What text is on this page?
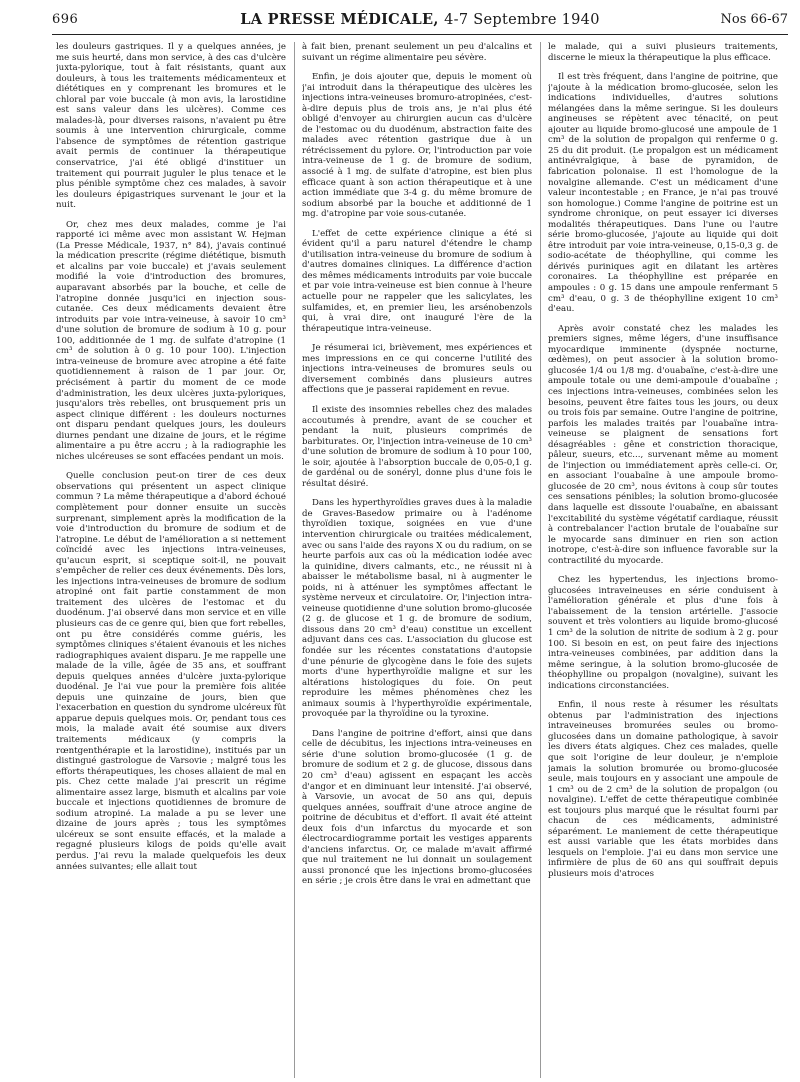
696	LA PRESSE MÉDICALE, 4-7 Septembre 1940	Nos 66-67

les douleurs gastriques. Il y a quelques années, je me suis heurté, dans mon service, à des cas d'ulcère juxta-pylorique, tout à fait résistants, quant aux douleurs, à tous les traitements médicamenteux et diététiques en y comprenant les bromures et le chloral par voie buccale (à mon avis, la larostidine est sans valeur dans les ulcères). Comme ces malades-là, pour diverses raisons, n'avaient pu être soumis à une intervention chirurgicale, comme l'absence de symptômes de rétention gastrique avait permis de continuer la thérapeutique conservatrice, j'ai été obligé d'instituer un traitement qui pourrait juguler le plus tenace et le plus pénible symptôme chez ces malades, à savoir les douleurs épigastriques survenant le jour et la nuit.

Or, chez mes deux malades, comme je l'ai rapporté ici même avec mon assistant W. Hejman (La Presse Médicale, 1937, n° 84), j'avais continué la médication prescrite (régime diététique, bismuth et alcalins par voie buccale) et j'avais seulement modifié la voie d'introduction des bromures, auparavant absorbés par la bouche, et celle de l'atropine donnée jusqu'ici en injection sous-cutanée. Ces deux médicaments devaient être introduits par voie intra-veineuse, à savoir 10 cm³ d'une solution de bromure de sodium à 10 g. pour 100, additionnée de 1 mg. de sulfate d'atropine (1 cm³ de solution à 0 g. 10 pour 100). L'injection intra-veineuse de bromure avec atropine a été faite quotidiennement à raison de 1 par jour. Or, précisément à partir du moment de ce mode d'administration, les deux ulcères juxta-pyloriques, jusqu'alors très rebelles, ont brusquement pris un aspect clinique différent : les douleurs nocturnes ont disparu pendant quelques jours, les douleurs diurnes pendant une dizaine de jours, et le régime alimentaire a pu être accru ; à la radiographie les niches ulcéreuses se sont effacées pendant un mois.

Quelle conclusion peut-on tirer de ces deux observations qui présentent un aspect clinique commun ? La même thérapeutique a d'abord échoué complètement pour donner ensuite un succès surprenant, simplement après la modification de la voie d'introduction du bromure de sodium et de l'atropine. Le début de l'amélioration a si nettement coïncidé avec les injections intra-veineuses, qu'aucun esprit, si sceptique soit-il, ne pouvait s'empêcher de relier ces deux événements. Dès lors, les injections intra-veineuses de bromure de sodium atropiné ont fait partie constamment de mon traitement des ulcères de l'estomac et du duodénum. J'ai observé dans mon service et en ville plusieurs cas de ce genre qui, bien que fort rebelles, ont pu être considérés comme guéris, les symptômes cliniques s'étaient évanouis et les niches radiographiques avaient disparu. Je me rappelle une malade de la ville, âgée de 35 ans, et souffrant depuis quelques années d'ulcère juxta-pylorique duodénal. Je l'ai vue pour la première fois alitée depuis une quinzaine de jours, bien que l'exacerbation en question du syndrome ulcéreux fût apparue depuis quelques mois. Or, pendant tous ces mois, la malade avait été soumise aux divers traitements médicaux (y compris la rœntgenthérapie et la larostidine), institués par un distingué gastrologue de Varsovie ; malgré tous les efforts thérapeutiques, les choses allaient de mal en pis. Chez cette malade j'ai prescrit un régime alimentaire assez large, bismuth et alcalins par voie buccale et injections quotidiennes de bromure de sodium atropiné. La malade a pu se lever une dizaine de jours après ; tous les symptômes ulcéreux se sont ensuite effacés, et la malade a regagné plusieurs kilogs de poids qu'elle avait perdus. J'ai revu la malade quelquefois les deux années suivantes; elle allait tout

à fait bien, prenant seulement un peu d'alcalins et suivant un régime alimentaire peu sévère.

Enfin, je dois ajouter que, depuis le moment où j'ai introduit dans la thérapeutique des ulcères les injections intra-veineuses bromuro-atropinées, c'est-à-dire depuis plus de trois ans, je n'ai plus été obligé d'envoyer au chirurgien aucun cas d'ulcère de l'estomac ou du duodénum, abstraction faite des malades avec rétention gastrique due à un rétrécissement du pylore. Or, l'introduction par voie intra-veineuse de 1 g. de bromure de sodium, associé à 1 mg. de sulfate d'atropine, est bien plus efficace quant à son action thérapeutique et à une action immédiate que 3-4 g. du même bromure de sodium absorbé par la bouche et additionné de 1 mg. d'atropine par voie sous-cutanée.

L'effet de cette expérience clinique a été si évident qu'il a paru naturel d'étendre le champ d'utilisation intra-veineuse du bromure de sodium à d'autres domaines cliniques. La différence d'action des mêmes médicaments introduits par voie buccale et par voie intra-veineuse est bien connue à l'heure actuelle pour ne rappeler que les salicylates, les sulfamides, et, en premier lieu, les arsénobenzols qui, à vrai dire, ont inauguré l'ère de la thérapeutique intra-veineuse.

Je résumerai ici, brièvement, mes expériences et mes impressions en ce qui concerne l'utilité des injections intra-veineuses de bromures seuls ou diversement combinés dans plusieurs autres affections que je passerai rapidement en revue.

Il existe des insomnies rebelles chez des malades accoutumés à prendre, avant de se coucher et pendant la nuit, plusieurs comprimés de barbiturates. Or, l'injection intra-veineuse de 10 cm³ d'une solution de bromure de sodium à 10 pour 100, le soir, ajoutée à l'absorption buccale de 0,05-0,1 g. de gardénal ou de sonéryl, donne plus d'une fois le résultat désiré.

Dans les hyperthyroïdies graves dues à la maladie de Graves-Basedow primaire ou à l'adénome thyroïdien toxique, soignées en vue d'une intervention chirurgicale ou traitées médicalement, avec ou sans l'aide des rayons X ou du radium, on se heurte parfois aux cas où la médication iodée avec la quinidine, divers calmants, etc., ne réussit ni à abaisser le métabolisme basal, ni à augmenter le poids, ni à atténuer les symptômes affectant le système nerveux et circulatoire. Or, l'injection intra-veineuse quotidienne d'une solution bromo-glucosée (2 g. de glucose et 1 g. de bromure de sodium, dissous dans 20 cm³ d'eau) constitue un excellent adjuvant dans ces cas. L'association du glucose est fondée sur les récentes constatations d'autopsie d'une pénurie de glycogène dans le foie des sujets morts d'une hyperthyroïdie maligne et sur les altérations histologiques du foie. On peut reproduire les mêmes phénomènes chez les animaux soumis à l'hyperthyroïdie expérimentale, provoquée par la thyroïdine ou la tyroxine.

Dans l'angine de poitrine d'effort, ainsi que dans celle de décubitus, les injections intra-veineuses en série d'une solution bromo-glucosée (1 g. de bromure de sodium et 2 g. de glucose, dissous dans 20 cm³ d'eau) agissent en espaçant les accès d'angor et en diminuant leur intensité. J'ai observé, à Varsovie, un avocat de 50 ans qui, depuis quelques années, souffrait d'une atroce angine de poitrine de décubitus et d'effort. Il avait été atteint deux fois d'un infarctus du myocarde et son électrocardiogramme portait les vestiges apparents d'anciens infarctus. Or, ce malade m'avait affirmé que nul traitement ne lui donnait un soulagement aussi prononcé que les injections bromo-glucosées en série ; je crois être dans le vrai en admettant que

le malade, qui a suivi plusieurs traitements, discerne le mieux la thérapeutique la plus efficace.

Il est très fréquent, dans l'angine de poitrine, que j'ajoute à la médication bromo-glucosée, selon les indications individuelles, d'autres solutions mélangées dans la même seringue. Si les douleurs angineuses se répètent avec ténacité, on peut ajouter au liquide bromo-glucosé une ampoule de 1 cm³ de la solution de propalgon qui renferme 0 g. 25 du dit produit. (Le propalgon est un médicament antinévralgique, à base de pyramidon, de fabrication polonaise. Il est l'homologue de la novalgine allemande. C'est un médicament d'une valeur incontestable ; en France, je n'ai pas trouvé son homologue.) Comme l'angine de poitrine est un syndrome chronique, on peut essayer ici diverses modalités thérapeutiques. Dans l'une ou l'autre série bromo-glucosée, j'ajoute au liquide qui doit être introduit par voie intra-veineuse, 0,15-0,3 g. de sodio-acétate de théophylline, qui comme les dérivés puriniques agit en dilatant les artères coronaires. La théophylline est préparée en ampoules : 0 g. 15 dans une ampoule renfermant 5 cm³ d'eau, 0 g. 3 de théophylline exigent 10 cm³ d'eau.

Après avoir constaté chez les malades les premiers signes, même légers, d'une insuffisance myocardique imminente (dyspnée nocturne, œdèmes), on peut associer à la solution bromo-glucosée 1/4 ou 1/8 mg. d'ouabaïne, c'est-à-dire une ampoule totale ou une demi-ampoule d'ouabaïne ; ces injections intra-veineuses, combinées selon les besoins, peuvent être faites tous les jours, ou deux ou trois fois par semaine. Outre l'angine de poitrine, parfois les malades traités par l'ouabaïne intra-veineuse se plaignent de sensations fort désagréables : gêne et constriction thoracique, pâleur, sueurs, etc..., survenant même au moment de l'injection ou immédiatement après celle-ci. Or, en associant l'ouabaïne à une ampoule bromo-glucosée de 20 cm³, nous évitons à coup sûr toutes ces sensations pénibles; la solution bromo-glucosée dans laquelle est dissoute l'ouabaïne, en abaissant l'excitabilité du système végétatif cardiaque, réussit à contrebalancer l'action brutale de l'ouabaïne sur le myocarde sans diminuer en rien son action inotrope, c'est-à-dire son influence favorable sur la contractilité du myocarde.

Chez les hypertendus, les injections bromo-glucosées intraveineuses en série conduisent à l'amélioration générale et plus d'une fois à l'abaissement de la tension artérielle. J'associe souvent et très volontiers au liquide bromo-glucosé 1 cm³ de la solution de nitrite de sodium à 2 g. pour 100. Si besoin en est, on peut faire des injections intra-veineuses combinées, par addition dans la même seringue, à la solution bromo-glucosée de théophylline ou propalgon (novalgine), suivant les indications circonstanciées.

Enfin, il nous reste à résumer les résultats obtenus par l'administration des injections intraveineuses bromurées seules ou bromo-glucosées dans un domaine pathologique, à savoir les divers états algiques. Chez ces malades, quelle que soit l'origine de leur douleur, je n'emploie jamais la solution bromurée ou bromo-glucosée seule, mais toujours en y associant une ampoule de 1 cm³ ou de 2 cm³ de la solution de propalgon (ou novalgine). L'effet de cette thérapeutique combinée est toujours plus marqué que le résultat fourni par chacun de ces médicaments, administré séparément. Le maniement de cette thérapeutique est aussi variable que les états morbides dans lesquels on l'emploie. J'ai eu dans mon service une infirmière de plus de 60 ans qui souffrait depuis plusieurs mois d'atroces
